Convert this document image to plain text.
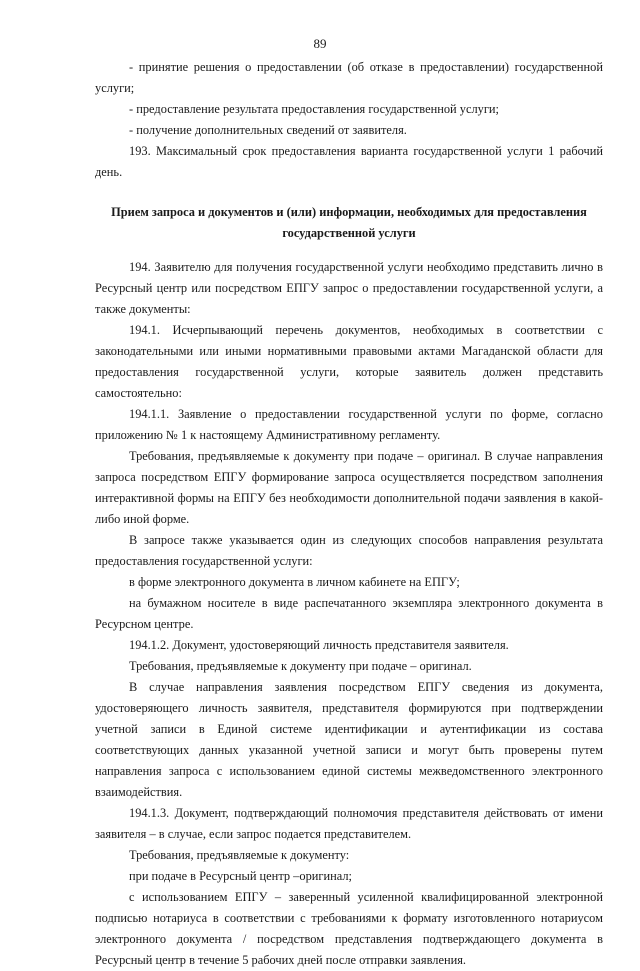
89

- принятие решения о предоставлении (об отказе в предоставлении) государственной услуги;

- предоставление результата предоставления государственной услуги;

- получение дополнительных сведений от заявителя.

193. Максимальный срок предоставления варианта государственной услуги 1 рабочий день.

Прием запроса и документов и (или) информации, необходимых для предоставления государственной услуги

194. Заявителю для получения государственной услуги необходимо представить лично в Ресурсный центр или посредством ЕПГУ запрос о предоставлении государственной услуги, а также документы:

194.1. Исчерпывающий перечень документов, необходимых в соответствии с законодательными или иными нормативными правовыми актами Магаданской области для предоставления государственной услуги, которые заявитель должен представить самостоятельно:

194.1.1. Заявление о предоставлении государственной услуги по форме, согласно приложению № 1 к настоящему Административному регламенту.

Требования, предъявляемые к документу при подаче – оригинал. В случае направления запроса посредством ЕПГУ формирование запроса осуществляется посредством заполнения интерактивной формы на ЕПГУ без необходимости дополнительной подачи заявления в какой-либо иной форме.

В запросе также указывается один из следующих способов направления результата предоставления государственной услуги:

в форме электронного документа в личном кабинете на ЕПГУ;

на бумажном носителе в виде распечатанного экземпляра электронного документа в Ресурсном центре.

194.1.2. Документ, удостоверяющий личность представителя заявителя.

Требования, предъявляемые к документу при подаче – оригинал.

В случае направления заявления посредством ЕПГУ сведения из документа, удостоверяющего личность заявителя, представителя формируются при подтверждении учетной записи в Единой системе идентификации и аутентификации из состава соответствующих данных указанной учетной записи и могут быть проверены путем направления запроса с использованием единой системы межведомственного электронного взаимодействия.

194.1.3. Документ, подтверждающий полномочия представителя действовать от имени заявителя – в случае, если запрос подается представителем.

Требования, предъявляемые к документу:

при подаче в Ресурсный центр –оригинал;

с использованием ЕПГУ – заверенный усиленной квалифицированной электронной подписью нотариуса в соответствии с требованиями к формату изготовленного нотариусом электронного документа / посредством представления подтверждающего документа в Ресурсный центр в течение 5 рабочих дней после отправки заявления.
